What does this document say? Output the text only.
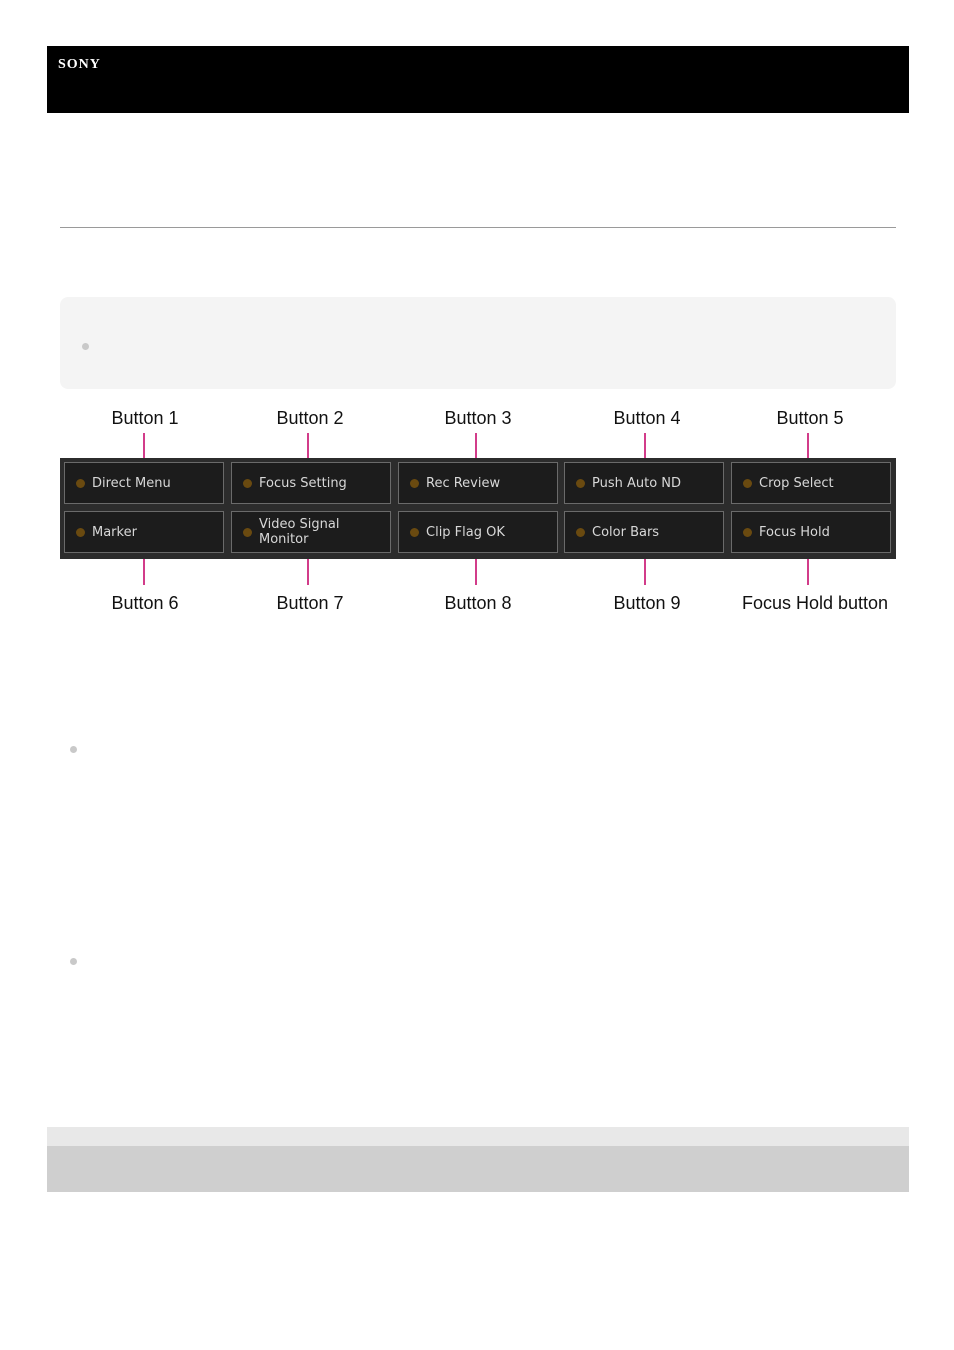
SONY
Button 1	Button 2	Button 3	Button 4	Button 5
Direct Menu	Focus Setting	Rec Review	Push Auto ND	Crop Select
Marker	Video Signal Monitor	Clip Flag OK	Color Bars	Focus Hold
Button 6	Button 7	Button 8	Button 9	Focus Hold button
